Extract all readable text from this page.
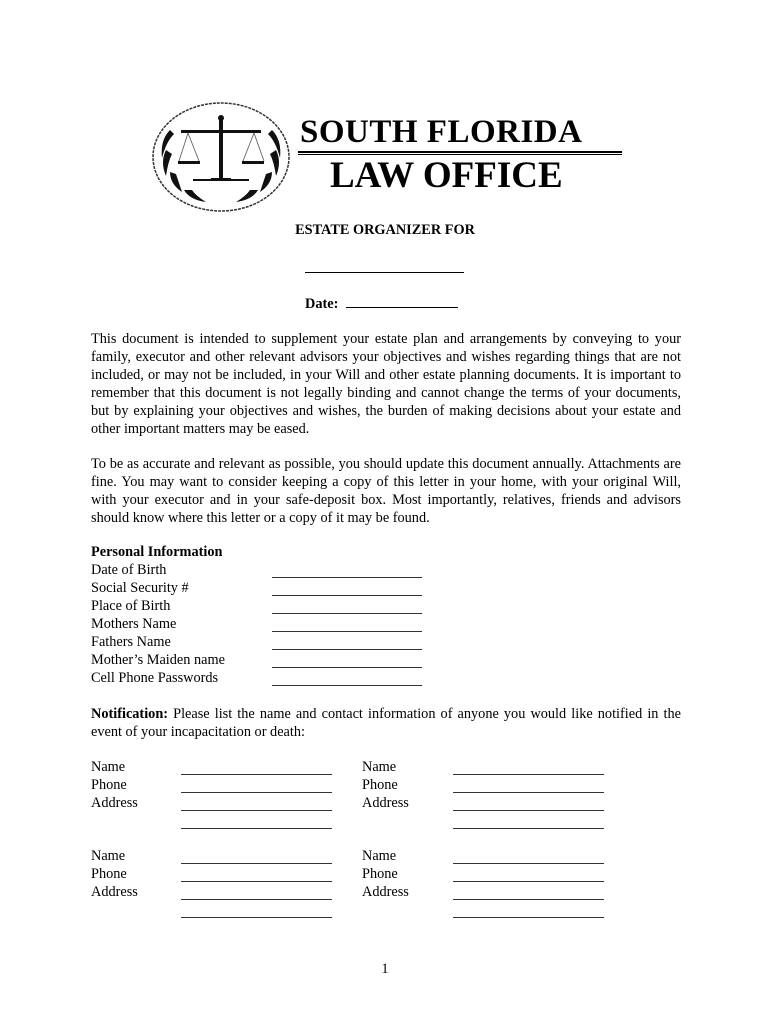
SOUTH FLORIDA
LAW OFFICE
ESTATE ORGANIZER FOR
Date:
This document is intended to supplement your estate plan and arrangements by conveying to your family, executor and other relevant advisors your objectives and wishes regarding things that are not included, or may not be included, in your Will and other estate planning documents. It is important to remember that this document is not legally binding and cannot change the terms of your documents, but by explaining your objectives and wishes, the burden of making decisions about your estate and other important matters may be eased.
To be as accurate and relevant as possible, you should update this document annually. Attachments are fine. You may want to consider keeping a copy of this letter in your home, with your original Will, with your executor and in your safe-deposit box. Most importantly, relatives, friends and advisors should know where this letter or a copy of it may be found.
Personal Information
Date of Birth
Social Security #
Place of Birth
Mothers Name
Fathers Name
Mother’s Maiden name
Cell Phone Passwords
Notification: Please list the name and contact information of anyone you would like notified in the event of your incapacitation or death:
Name
Phone
Address
Name
Phone
Address
Name
Phone
Address
Name
Phone
Address
1
